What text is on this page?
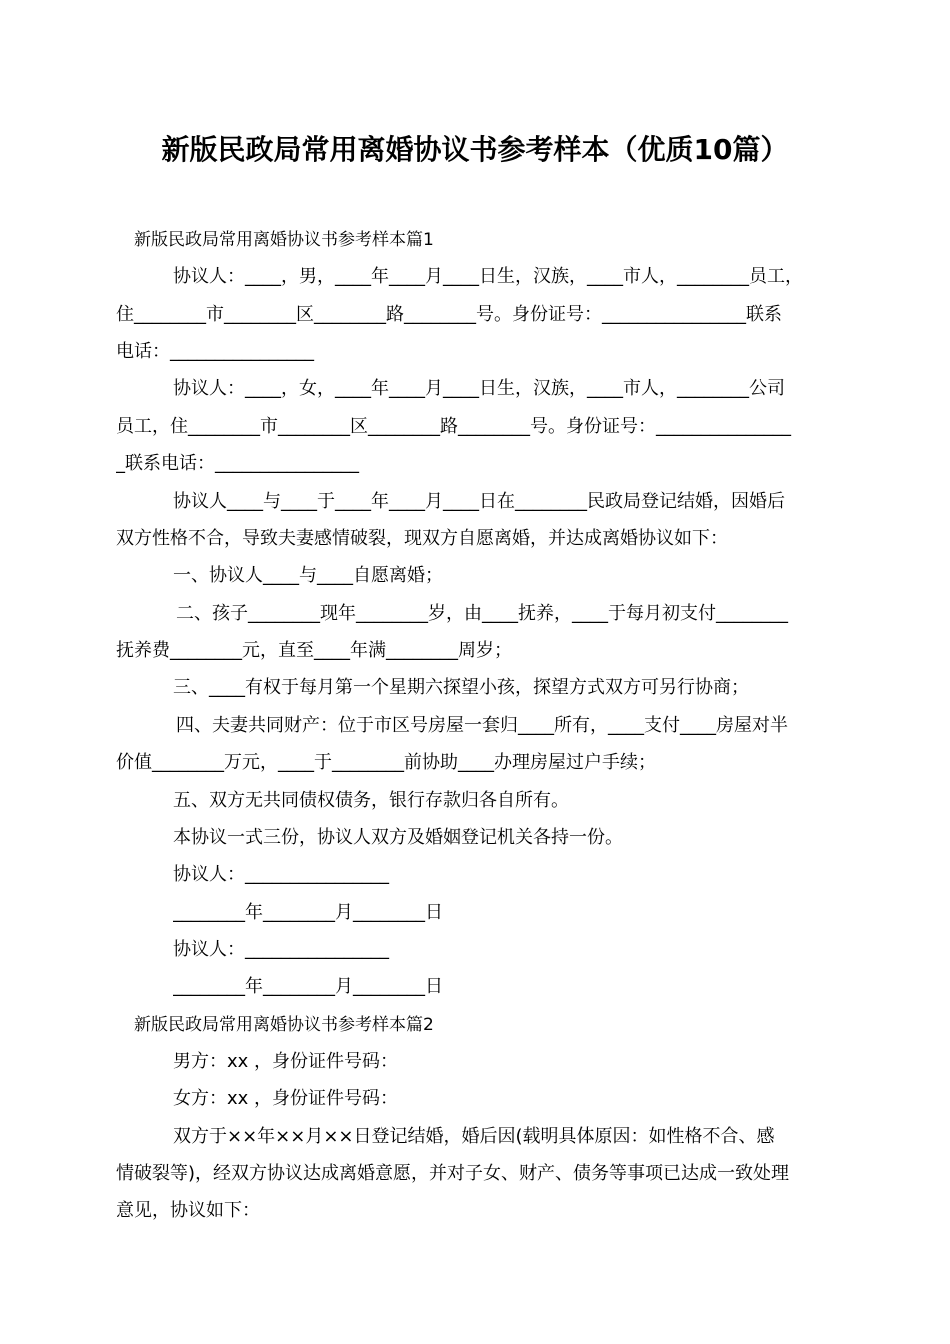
新版民政局常用离婚协议书参考样本（优质10篇）
新版民政局常用离婚协议书参考样本篇1
协议人：____，男，____年____月____日生，汉族，____市人，________员工，
住________市________区________路________号。身份证号：________________联系
电话：________________
协议人：____，女，____年____月____日生，汉族，____市人，________公司
员工，住________市________区________路________号。身份证号：_______________
_联系电话：________________
协议人____与____于____年____月____日在________民政局登记结婚，因婚后
双方性格不合，导致夫妻感情破裂，现双方自愿离婚，并达成离婚协议如下：
一、协议人____与____自愿离婚；
二、孩子________现年________岁，由____抚养，____于每月初支付________
抚养费________元，直至____年满________周岁；
三、____有权于每月第一个星期六探望小孩，探望方式双方可另行协商；
四、夫妻共同财产：位于市区号房屋一套归____所有，____支付____房屋对半
价值________万元，____于________前协助____办理房屋过户手续；
五、双方无共同债权债务，银行存款归各自所有。
本协议一式三份，协议人双方及婚姻登记机关各持一份。
协议人：________________
________年________月________日
协议人：________________
________年________月________日
新版民政局常用离婚协议书参考样本篇2
男方：xx ，身份证件号码：
女方：xx ，身份证件号码：
双方于××年××月××日登记结婚，婚后因(载明具体原因：如性格不合、感
情破裂等)，经双方协议达成离婚意愿，并对子女、财产、债务等事项已达成一致处理
意见，协议如下：
